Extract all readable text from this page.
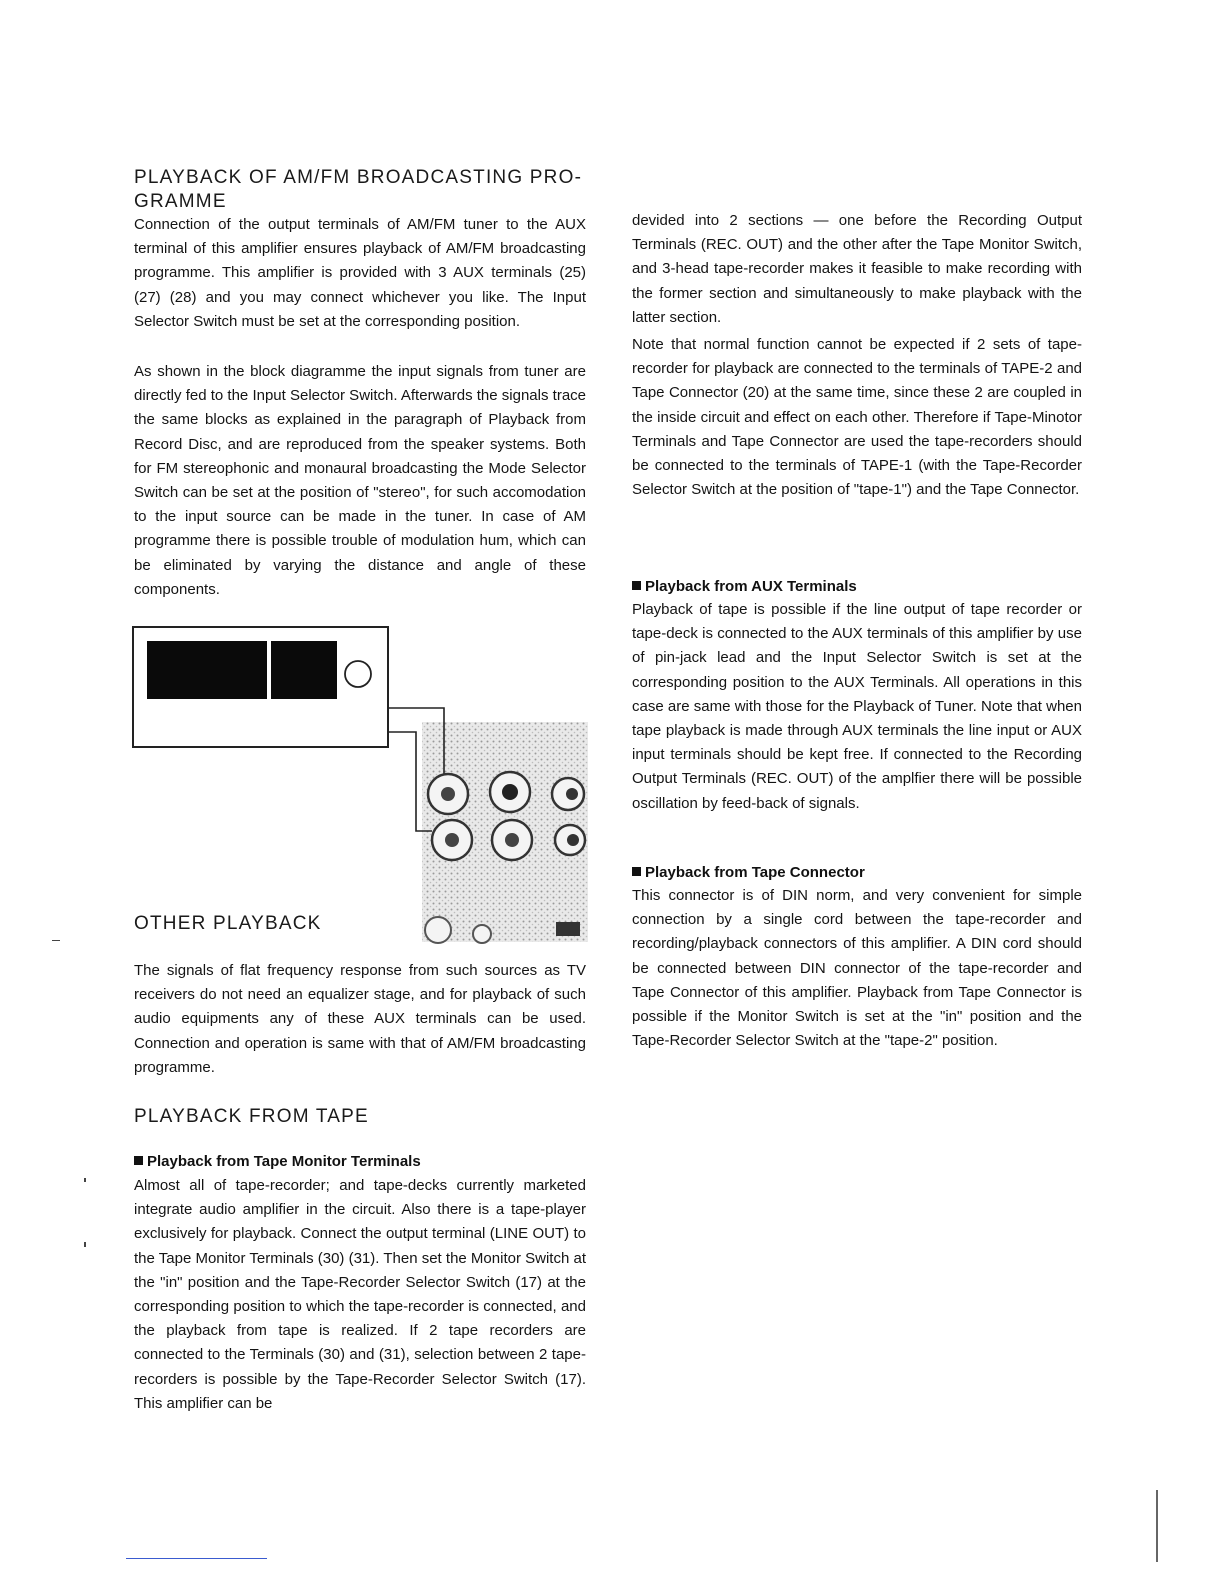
PLAYBACK OF AM/FM BROADCASTING PRO-GRAMME

Connection of the output terminals of AM/FM tuner to the AUX terminal of this amplifier ensures playback of AM/FM broadcasting programme. This amplifier is provided with 3 AUX terminals (25) (27) (28) and you may connect whichever you like. The Input Selector Switch must be set at the corresponding position.

As shown in the block diagramme the input signals from tuner are directly fed to the Input Selector Switch. Afterwards the signals trace the same blocks as explained in the paragraph of Playback from Record Disc, and are reproduced from the speaker systems. Both for FM stereophonic and monaural broadcasting the Mode Selector Switch can be set at the position of "stereo", for such accomodation to the input source can be made in the tuner. In case of AM programme there is possible trouble of modulation hum, which can be eliminated by varying the distance and angle of these components.

OTHER PLAYBACK

The signals of flat frequency response from such sources as TV receivers do not need an equalizer stage, and for playback of such audio equipments any of these AUX terminals can be used. Connection and operation is same with that of AM/FM broadcasting programme.

PLAYBACK FROM TAPE
Playback from Tape Monitor Terminals

Almost all of tape-recorder; and tape-decks currently marketed integrate audio amplifier in the circuit. Also there is a tape-player exclusively for playback. Connect the output terminal (LINE OUT) to the Tape Monitor Terminals (30) (31). Then set the Monitor Switch at the "in" position and the Tape-Recorder Selector Switch (17) at the corresponding position to which the tape-recorder is connected, and the playback from tape is realized. If 2 tape recorders are connected to the Terminals (30) and (31), selection between 2 tape-recorders is possible by the Tape-Recorder Selector Switch (17). This amplifier can be

devided into 2 sections — one before the Recording Output Terminals (REC. OUT) and the other after the Tape Monitor Switch, and 3-head tape-recorder makes it feasible to make recording with the former section and simultaneously to make playback with the latter section.

Note that normal function cannot be expected if 2 sets of tape-recorder for playback are connected to the terminals of TAPE-2 and Tape Connector (20) at the same time, since these 2 are coupled in the inside circuit and effect on each other. Therefore if Tape-Minotor Terminals and Tape Connector are used the tape-recorders should be connected to the terminals of TAPE-1 (with the Tape-Recorder Selector Switch at the position of "tape-1") and the Tape Connector.

Playback from AUX Terminals

Playback of tape is possible if the line output of tape recorder or tape-deck is connected to the AUX terminals of this amplifier by use of pin-jack lead and the Input Selector Switch is set at the corresponding position to the AUX Terminals. All operations in this case are same with those for the Playback of Tuner. Note that when tape playback is made through AUX terminals the line input or AUX input terminals should be kept free. If connected to the Recording Output Terminals (REC. OUT) of the amplfier there will be possible oscillation by feed-back of signals.

Playback from Tape Connector

This connector is of DIN norm, and very convenient for simple connection by a single cord between the tape-recorder and recording/playback connectors of this amplifier. A DIN cord should be connected between DIN connector of the tape-recorder and Tape Connector of this amplifier. Playback from Tape Connector is possible if the Monitor Switch is set at the "in" position and the Tape-Recorder Selector Switch at the "tape-2" position.
